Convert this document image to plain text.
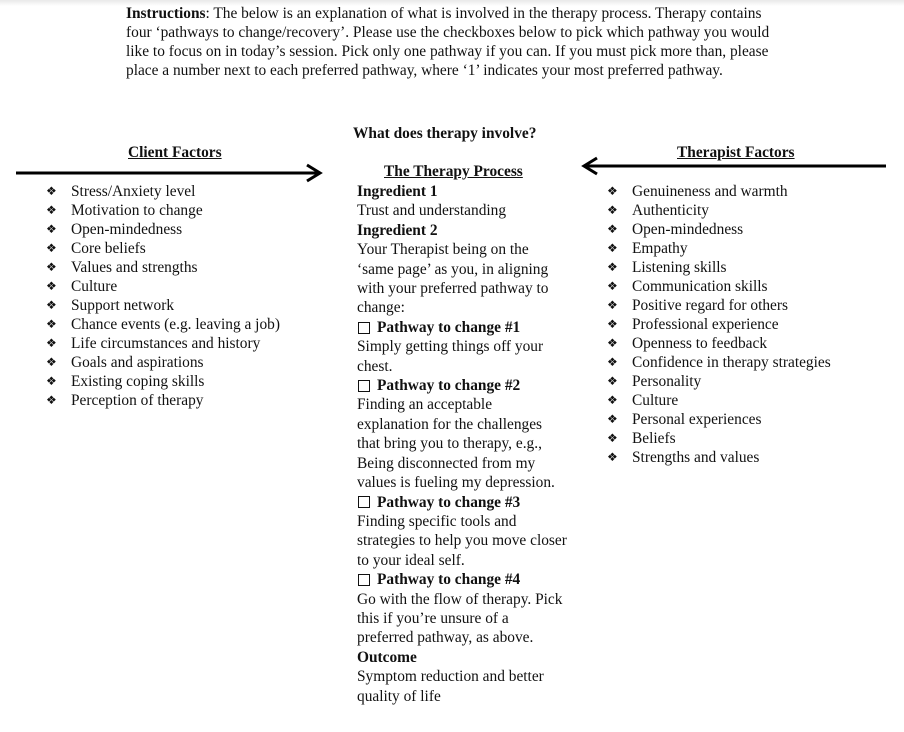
Instructions: The below is an explanation of what is involved in the therapy process. Therapy contains four ‘pathways to change/recovery’. Please use the checkboxes below to pick which pathway you would like to focus on in today’s session. Pick only one pathway if you can. If you must pick more than, please place a number next to each preferred pathway, where ‘1’ indicates your most preferred pathway.
What does therapy involve?
Client Factors	Therapist Factors
The Therapy Process
❖ Stress/Anxiety level
❖ Motivation to change
❖ Open-mindedness
❖ Core beliefs
❖ Values and strengths
❖ Culture
❖ Support network
❖ Chance events (e.g. leaving a job)
❖ Life circumstances and history
❖ Goals and aspirations
❖ Existing coping skills
❖ Perception of therapy
Ingredient 1
Trust and understanding
Ingredient 2
Your Therapist being on the ‘same page’ as you, in aligning with your preferred pathway to change:
Pathway to change #1
Simply getting things off your chest.
Pathway to change #2
Finding an acceptable explanation for the challenges that bring you to therapy, e.g., Being disconnected from my values is fueling my depression.
Pathway to change #3
Finding specific tools and strategies to help you move closer to your ideal self.
Pathway to change #4
Go with the flow of therapy. Pick this if you’re unsure of a preferred pathway, as above.
Outcome
Symptom reduction and better quality of life
❖ Genuineness and warmth
❖ Authenticity
❖ Open-mindedness
❖ Empathy
❖ Listening skills
❖ Communication skills
❖ Positive regard for others
❖ Professional experience
❖ Openness to feedback
❖ Confidence in therapy strategies
❖ Personality
❖ Culture
❖ Personal experiences
❖ Beliefs
❖ Strengths and values
